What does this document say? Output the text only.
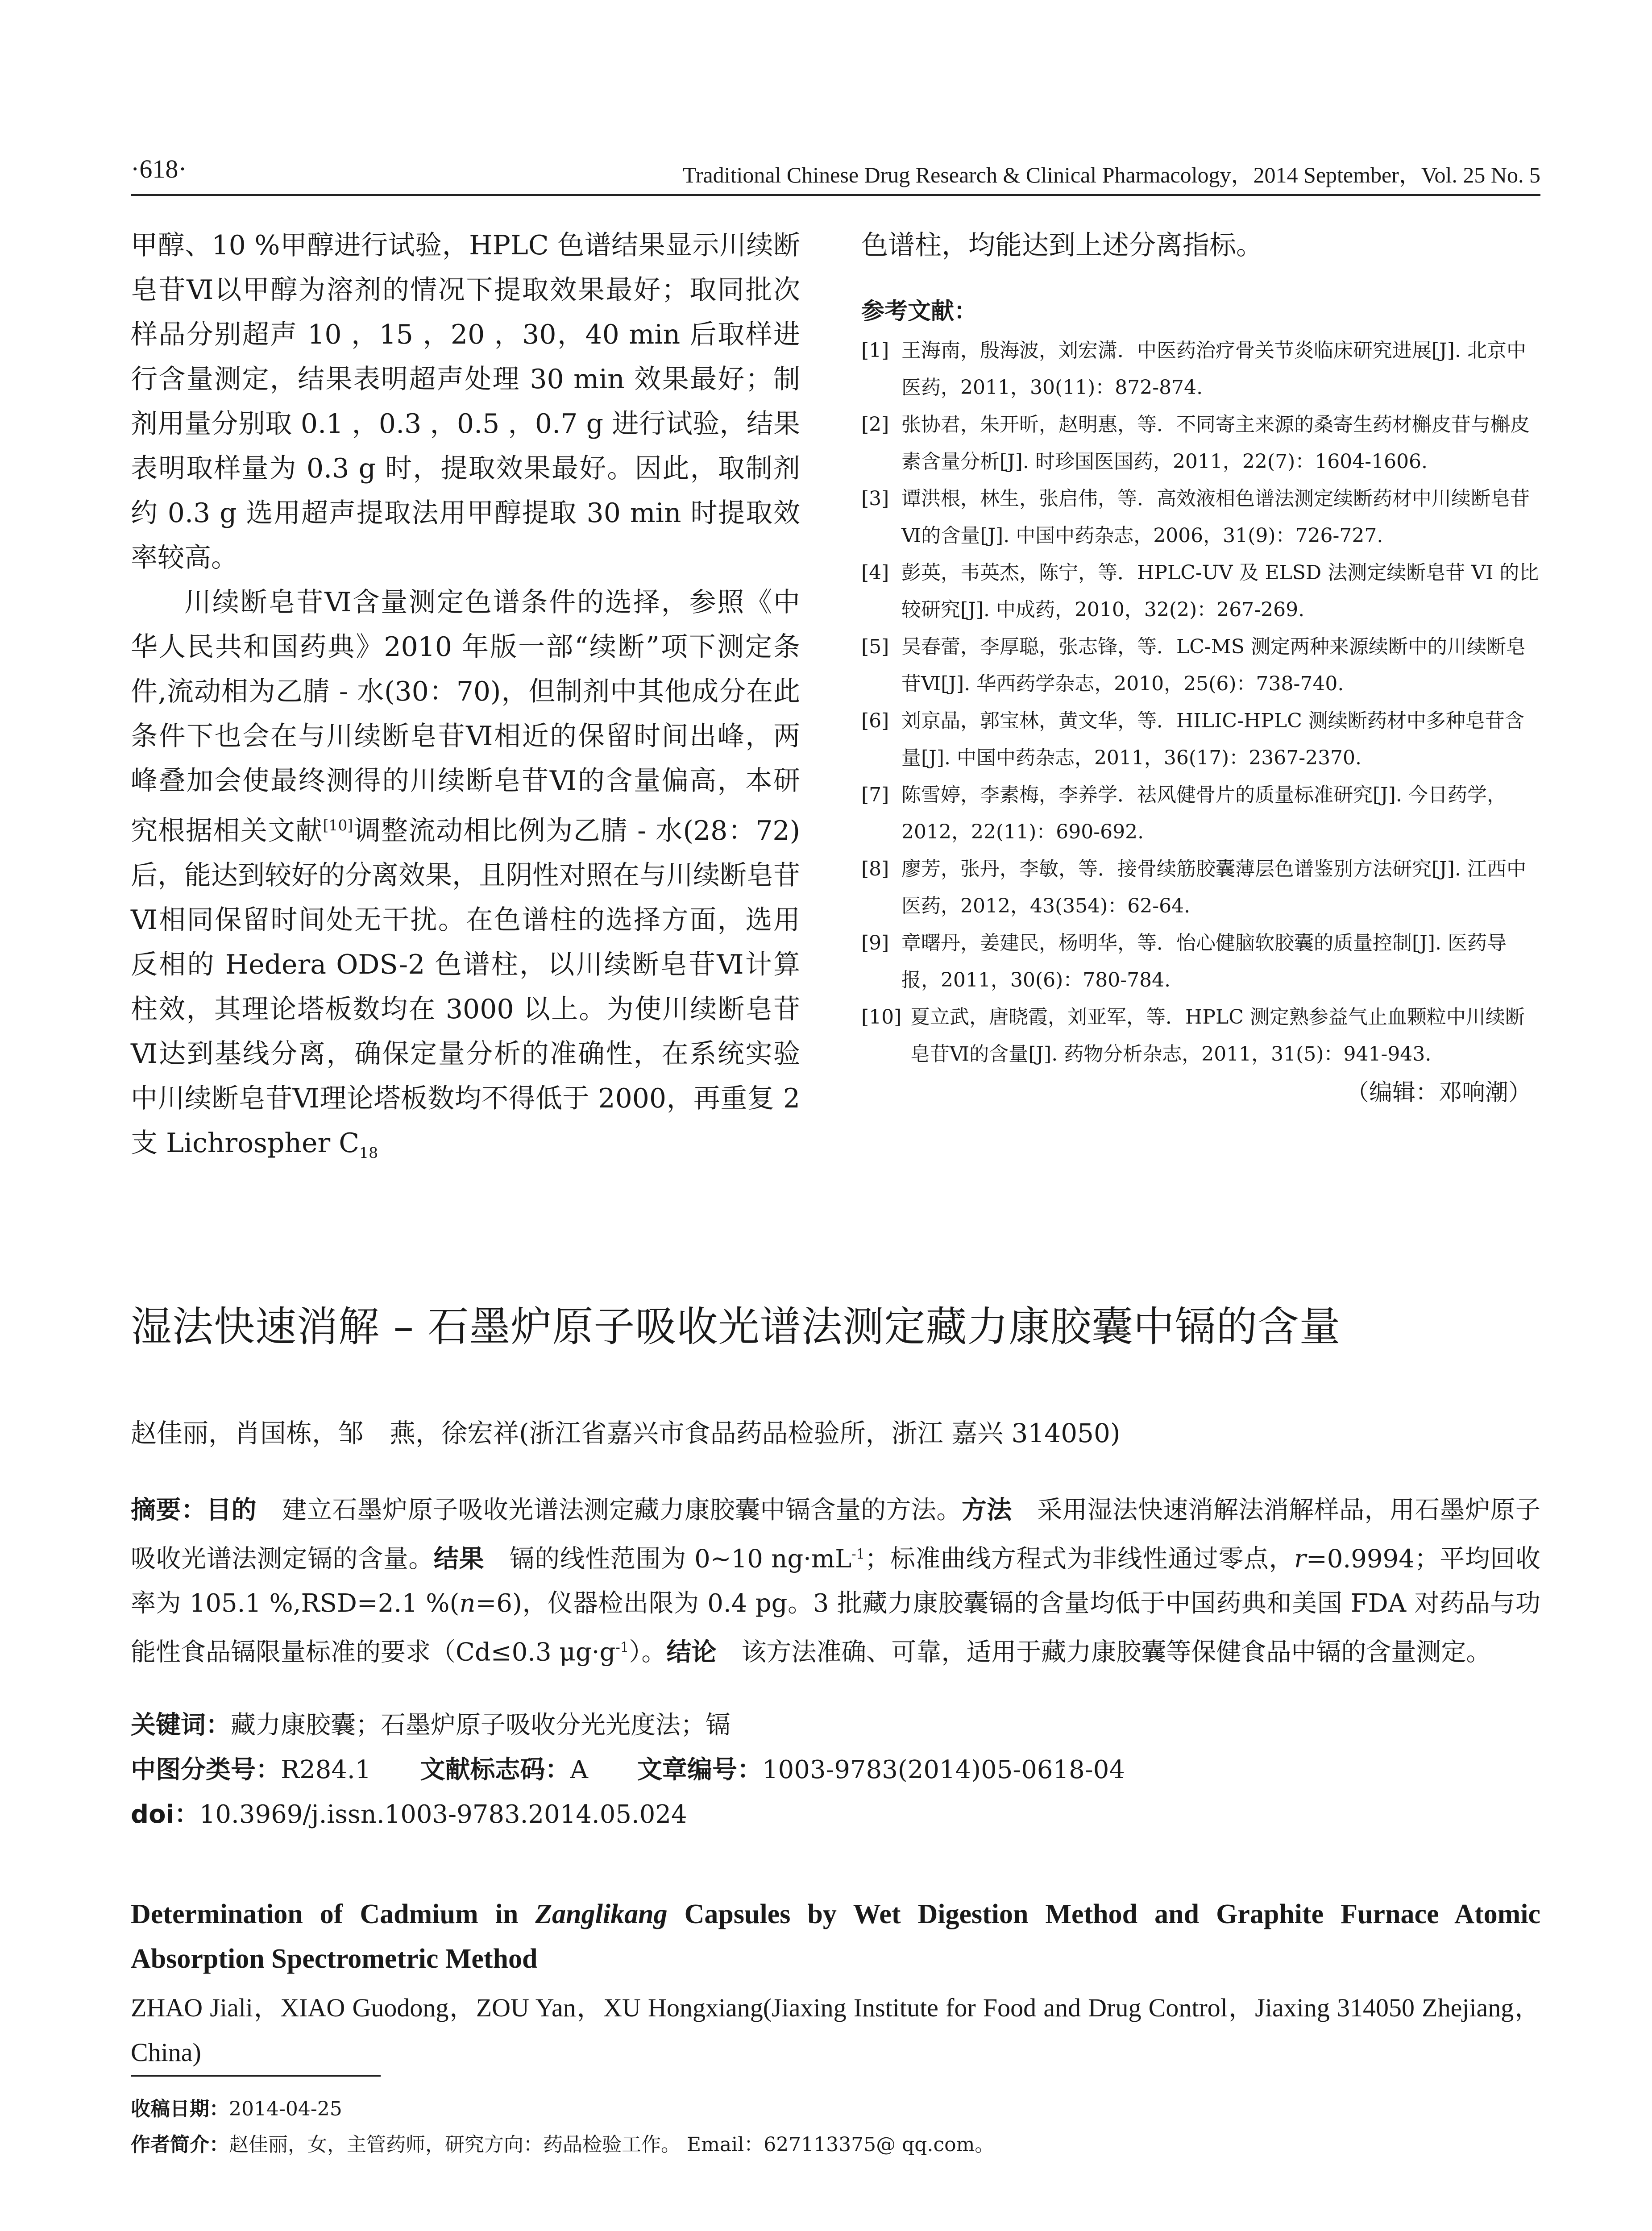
·618·	Traditional Chinese Drug Research & Clinical Pharmacology，2014 September，Vol. 25 No. 5

甲醇、10 %甲醇进行试验，HPLC 色谱结果显示川续断皂苷Ⅵ以甲醇为溶剂的情况下提取效果最好；取同批次样品分别超声 10 ，15 ，20 ，30，40 min 后取样进行含量测定，结果表明超声处理 30 min 效果最好；制剂用量分别取 0.1 ，0.3 ，0.5 ，0.7 g 进行试验，结果表明取样量为 0.3 g 时，提取效果最好。因此，取制剂约 0.3 g 选用超声提取法用甲醇提取 30 min 时提取效率较高。

川续断皂苷Ⅵ含量测定色谱条件的选择，参照《中华人民共和国药典》2010 年版一部“续断”项下测定条件,流动相为乙腈 - 水(30：70)，但制剂中其他成分在此条件下也会在与川续断皂苷Ⅵ相近的保留时间出峰，两峰叠加会使最终测得的川续断皂苷Ⅵ的含量偏高，本研究根据相关文献[10]调整流动相比例为乙腈 - 水(28：72)后，能达到较好的分离效果，且阴性对照在与川续断皂苷Ⅵ相同保留时间处无干扰。在色谱柱的选择方面，选用反相的 Hedera ODS-2 色谱柱，以川续断皂苷Ⅵ计算柱效，其理论塔板数均在 3000 以上。为使川续断皂苷Ⅵ达到基线分离，确保定量分析的准确性，在系统实验中川续断皂苷Ⅵ理论塔板数均不得低于 2000，再重复 2 支 Lichrospher $C_{18}$

色谱柱，均能达到上述分离指标。

参考文献：
[1] 王海南，殷海波，刘宏潇．中医药治疗骨关节炎临床研究进展[J]. 北京中医药，2011，30(11)：872-874.
[2] 张协君，朱开昕，赵明惠，等．不同寄主来源的桑寄生药材槲皮苷与槲皮素含量分析[J]. 时珍国医国药，2011，22(7)：1604-1606.
[3] 谭洪根，林生，张启伟，等．高效液相色谱法测定续断药材中川续断皂苷Ⅵ的含量[J]. 中国中药杂志，2006，31(9)：726-727.
[4] 彭英，韦英杰，陈宁，等．HPLC-UV 及 ELSD 法测定续断皂苷 VI 的比较研究[J]. 中成药，2010，32(2)：267-269.
[5] 吴春蕾，李厚聪，张志锋，等．LC-MS 测定两种来源续断中的川续断皂苷Ⅵ[J]. 华西药学杂志，2010，25(6)：738-740.
[6] 刘京晶，郭宝林，黄文华，等．HILIC-HPLC 测续断药材中多种皂苷含量[J]. 中国中药杂志，2011，36(17)：2367-2370.
[7] 陈雪婷，李素梅，李养学．祛风健骨片的质量标准研究[J]. 今日药学，2012，22(11)：690-692.
[8] 廖芳，张丹，李敏，等．接骨续筋胶囊薄层色谱鉴别方法研究[J]. 江西中医药，2012，43(354)：62-64.
[9] 章曙丹，姜建民，杨明华，等．怡心健脑软胶囊的质量控制[J]. 医药导报，2011，30(6)：780-784.
[10] 夏立武，唐晓霞，刘亚军，等．HPLC 测定熟参益气止血颗粒中川续断皂苷Ⅵ的含量[J]. 药物分析杂志，2011，31(5)：941-943.
（编辑：邓响潮）
湿法快速消解 – 石墨炉原子吸收光谱法测定藏力康胶囊中镉的含量
赵佳丽，肖国栋，邹　燕，徐宏祥(浙江省嘉兴市食品药品检验所，浙江 嘉兴 314050)
摘要：目的　建立石墨炉原子吸收光谱法测定藏力康胶囊中镉含量的方法。方法　采用湿法快速消解法消解样品，用石墨炉原子吸收光谱法测定镉的含量。结果　镉的线性范围为 0~10 $ng\cdot mL^{-1}$；标准曲线方程式为非线性通过零点，r=0.9994；平均回收率为 105.1 %,RSD=2.1 %(n=6)，仪器检出限为 0.4 pg。3 批藏力康胶囊镉的含量均低于中国药典和美国 FDA 对药品与功能性食品镉限量标准的要求（Cd≤0.3 $\mu g\cdot g^{-1}$）。结论　该方法准确、可靠，适用于藏力康胶囊等保健食品中镉的含量测定。
关键词：藏力康胶囊；石墨炉原子吸收分光光度法；镉
中图分类号：R284.1 文献标志码：A 文章编号：1003-9783(2014)05-0618-04
doi：10.3969/j.issn.1003-9783.2014.05.024
Determination of Cadmium in Zanglikang Capsules by Wet Digestion Method and Graphite Furnace Atomic Absorption Spectrometric Method
ZHAO Jiali，XIAO Guodong，ZOU Yan，XU Hongxiang(Jiaxing Institute for Food and Drug Control，Jiaxing 314050 Zhejiang，China)
收稿日期：2014-04-25
作者简介：赵佳丽，女，主管药师，研究方向：药品检验工作。 Email：627113375@ qq.com。
